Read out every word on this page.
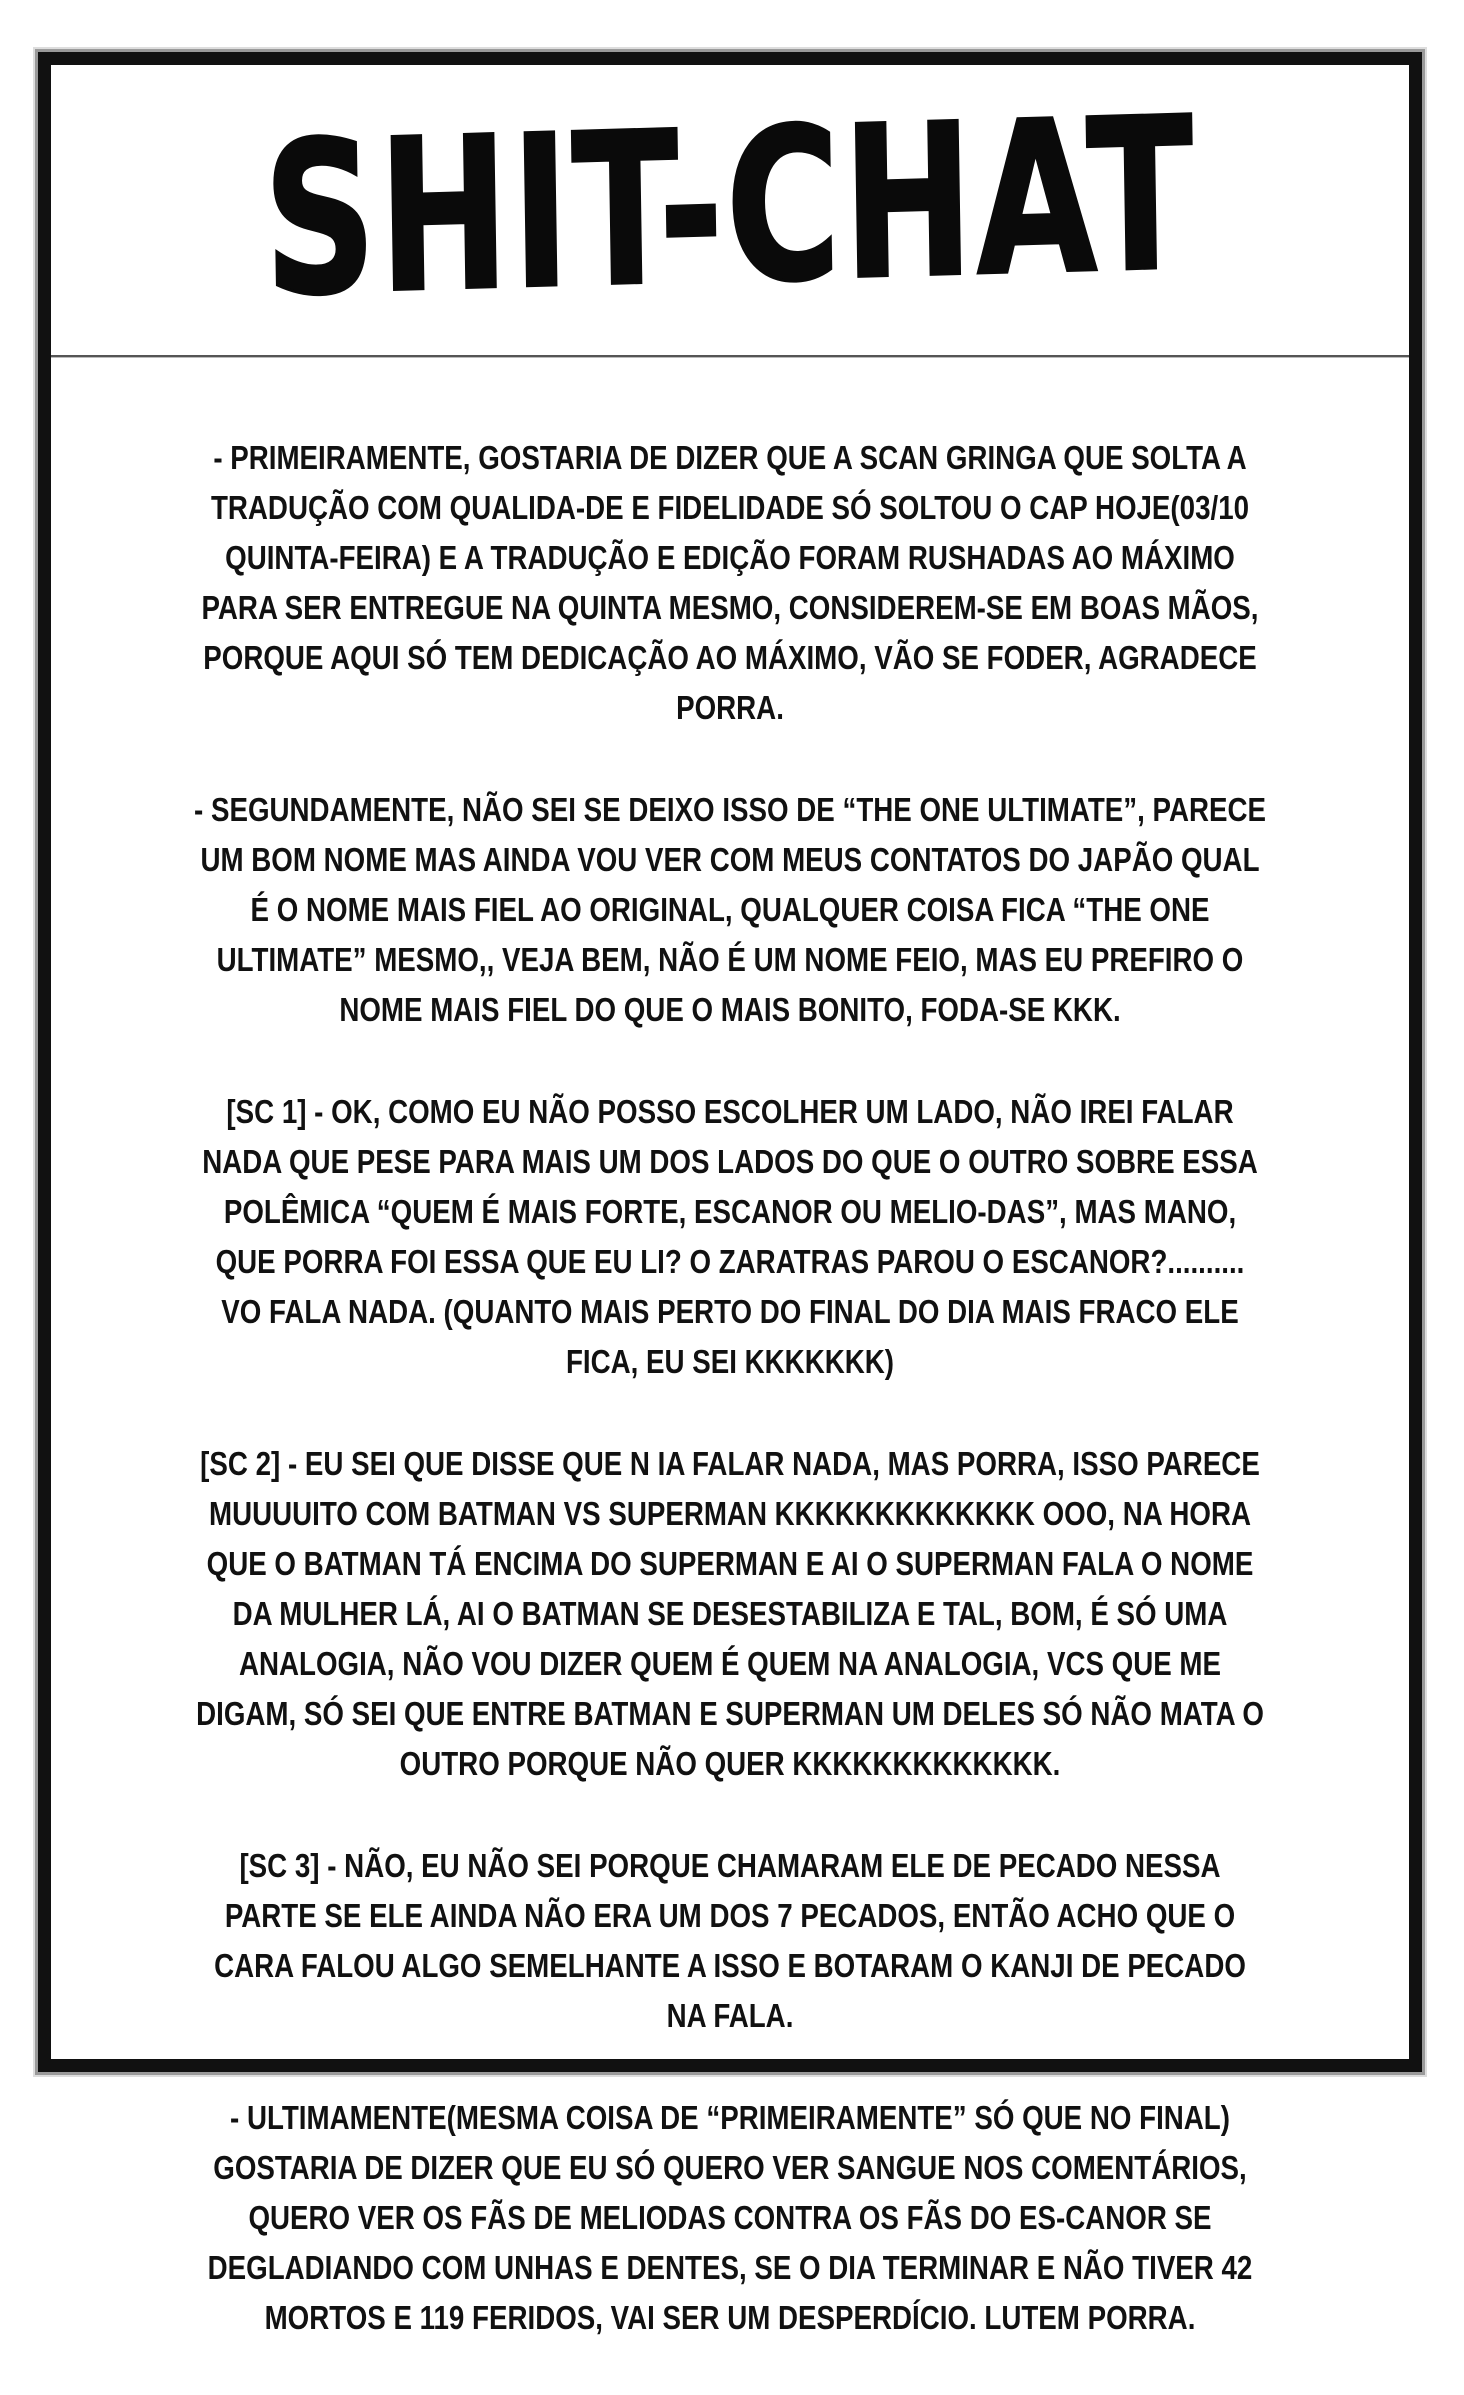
SHIT-CHAT

- PRIMEIRAMENTE, GOSTARIA DE DIZER QUE A SCAN GRINGA QUE SOLTA A TRADUÇÃO COM QUALIDA-DE E FIDELIDADE SÓ SOLTOU O CAP HOJE(03/10 QUINTA-FEIRA) E A TRADUÇÃO E EDIÇÃO FORAM RUSHADAS AO MÁXIMO PARA SER ENTREGUE NA QUINTA MESMO, CONSIDEREM-SE EM BOAS MÃOS, PORQUE AQUI SÓ TEM DEDICAÇÃO AO MÁXIMO, VÃO SE FODER, AGRADECE PORRA.

- SEGUNDAMENTE, NÃO SEI SE DEIXO ISSO DE “THE ONE ULTIMATE”, PARECE UM BOM NOME MAS AINDA VOU VER COM MEUS CONTATOS DO JAPÃO QUAL É O NOME MAIS FIEL AO ORIGINAL, QUALQUER COISA FICA “THE ONE ULTIMATE” MESMO,, VEJA BEM, NÃO É UM NOME FEIO, MAS EU PREFIRO O NOME MAIS FIEL DO QUE O MAIS BONITO, FODA-SE KKK.

[SC 1] - OK, COMO EU NÃO POSSO ESCOLHER UM LADO, NÃO IREI FALAR NADA QUE PESE PARA MAIS UM DOS LADOS DO QUE O OUTRO SOBRE ESSA POLÊMICA “QUEM É MAIS FORTE, ESCANOR OU MELIO-DAS”, MAS MANO, QUE PORRA FOI ESSA QUE EU LI? O ZARATRAS PAROU O ESCANOR?.......... VO FALA NADA. (QUANTO MAIS PERTO DO FINAL DO DIA MAIS FRACO ELE FICA, EU SEI KKKKKKK)

[SC 2] - EU SEI QUE DISSE QUE N IA FALAR NADA, MAS PORRA, ISSO PARECE MUUUUITO COM BATMAN VS SUPERMAN KKKKKKKKKKKKK OOO, NA HORA QUE O BATMAN TÁ ENCIMA DO SUPERMAN E AI O SUPERMAN FALA O NOME DA MULHER LÁ, AI O BATMAN SE DESESTABILIZA E TAL, BOM, É SÓ UMA ANALOGIA, NÃO VOU DIZER QUEM É QUEM NA ANALOGIA, VCS QUE ME DIGAM, SÓ SEI QUE ENTRE BATMAN E SUPERMAN UM DELES SÓ NÃO MATA O OUTRO PORQUE NÃO QUER KKKKKKKKKKKKK.

[SC 3] - NÃO, EU NÃO SEI PORQUE CHAMARAM ELE DE PECADO NESSA PARTE SE ELE AINDA NÃO ERA UM DOS 7 PECADOS, ENTÃO ACHO QUE O CARA FALOU ALGO SEMELHANTE A ISSO E BOTARAM O KANJI DE PECADO NA FALA.

- ULTIMAMENTE(MESMA COISA DE “PRIMEIRAMENTE” SÓ QUE NO FINAL) GOSTARIA DE DIZER QUE EU SÓ QUERO VER SANGUE NOS COMENTÁRIOS, QUERO VER OS FÃS DE MELIODAS CONTRA OS FÃS DO ES-CANOR SE DEGLADIANDO COM UNHAS E DENTES, SE O DIA TERMINAR E NÃO TIVER 42 MORTOS E 119 FERIDOS, VAI SER UM DESPERDÍCIO. LUTEM PORRA.
